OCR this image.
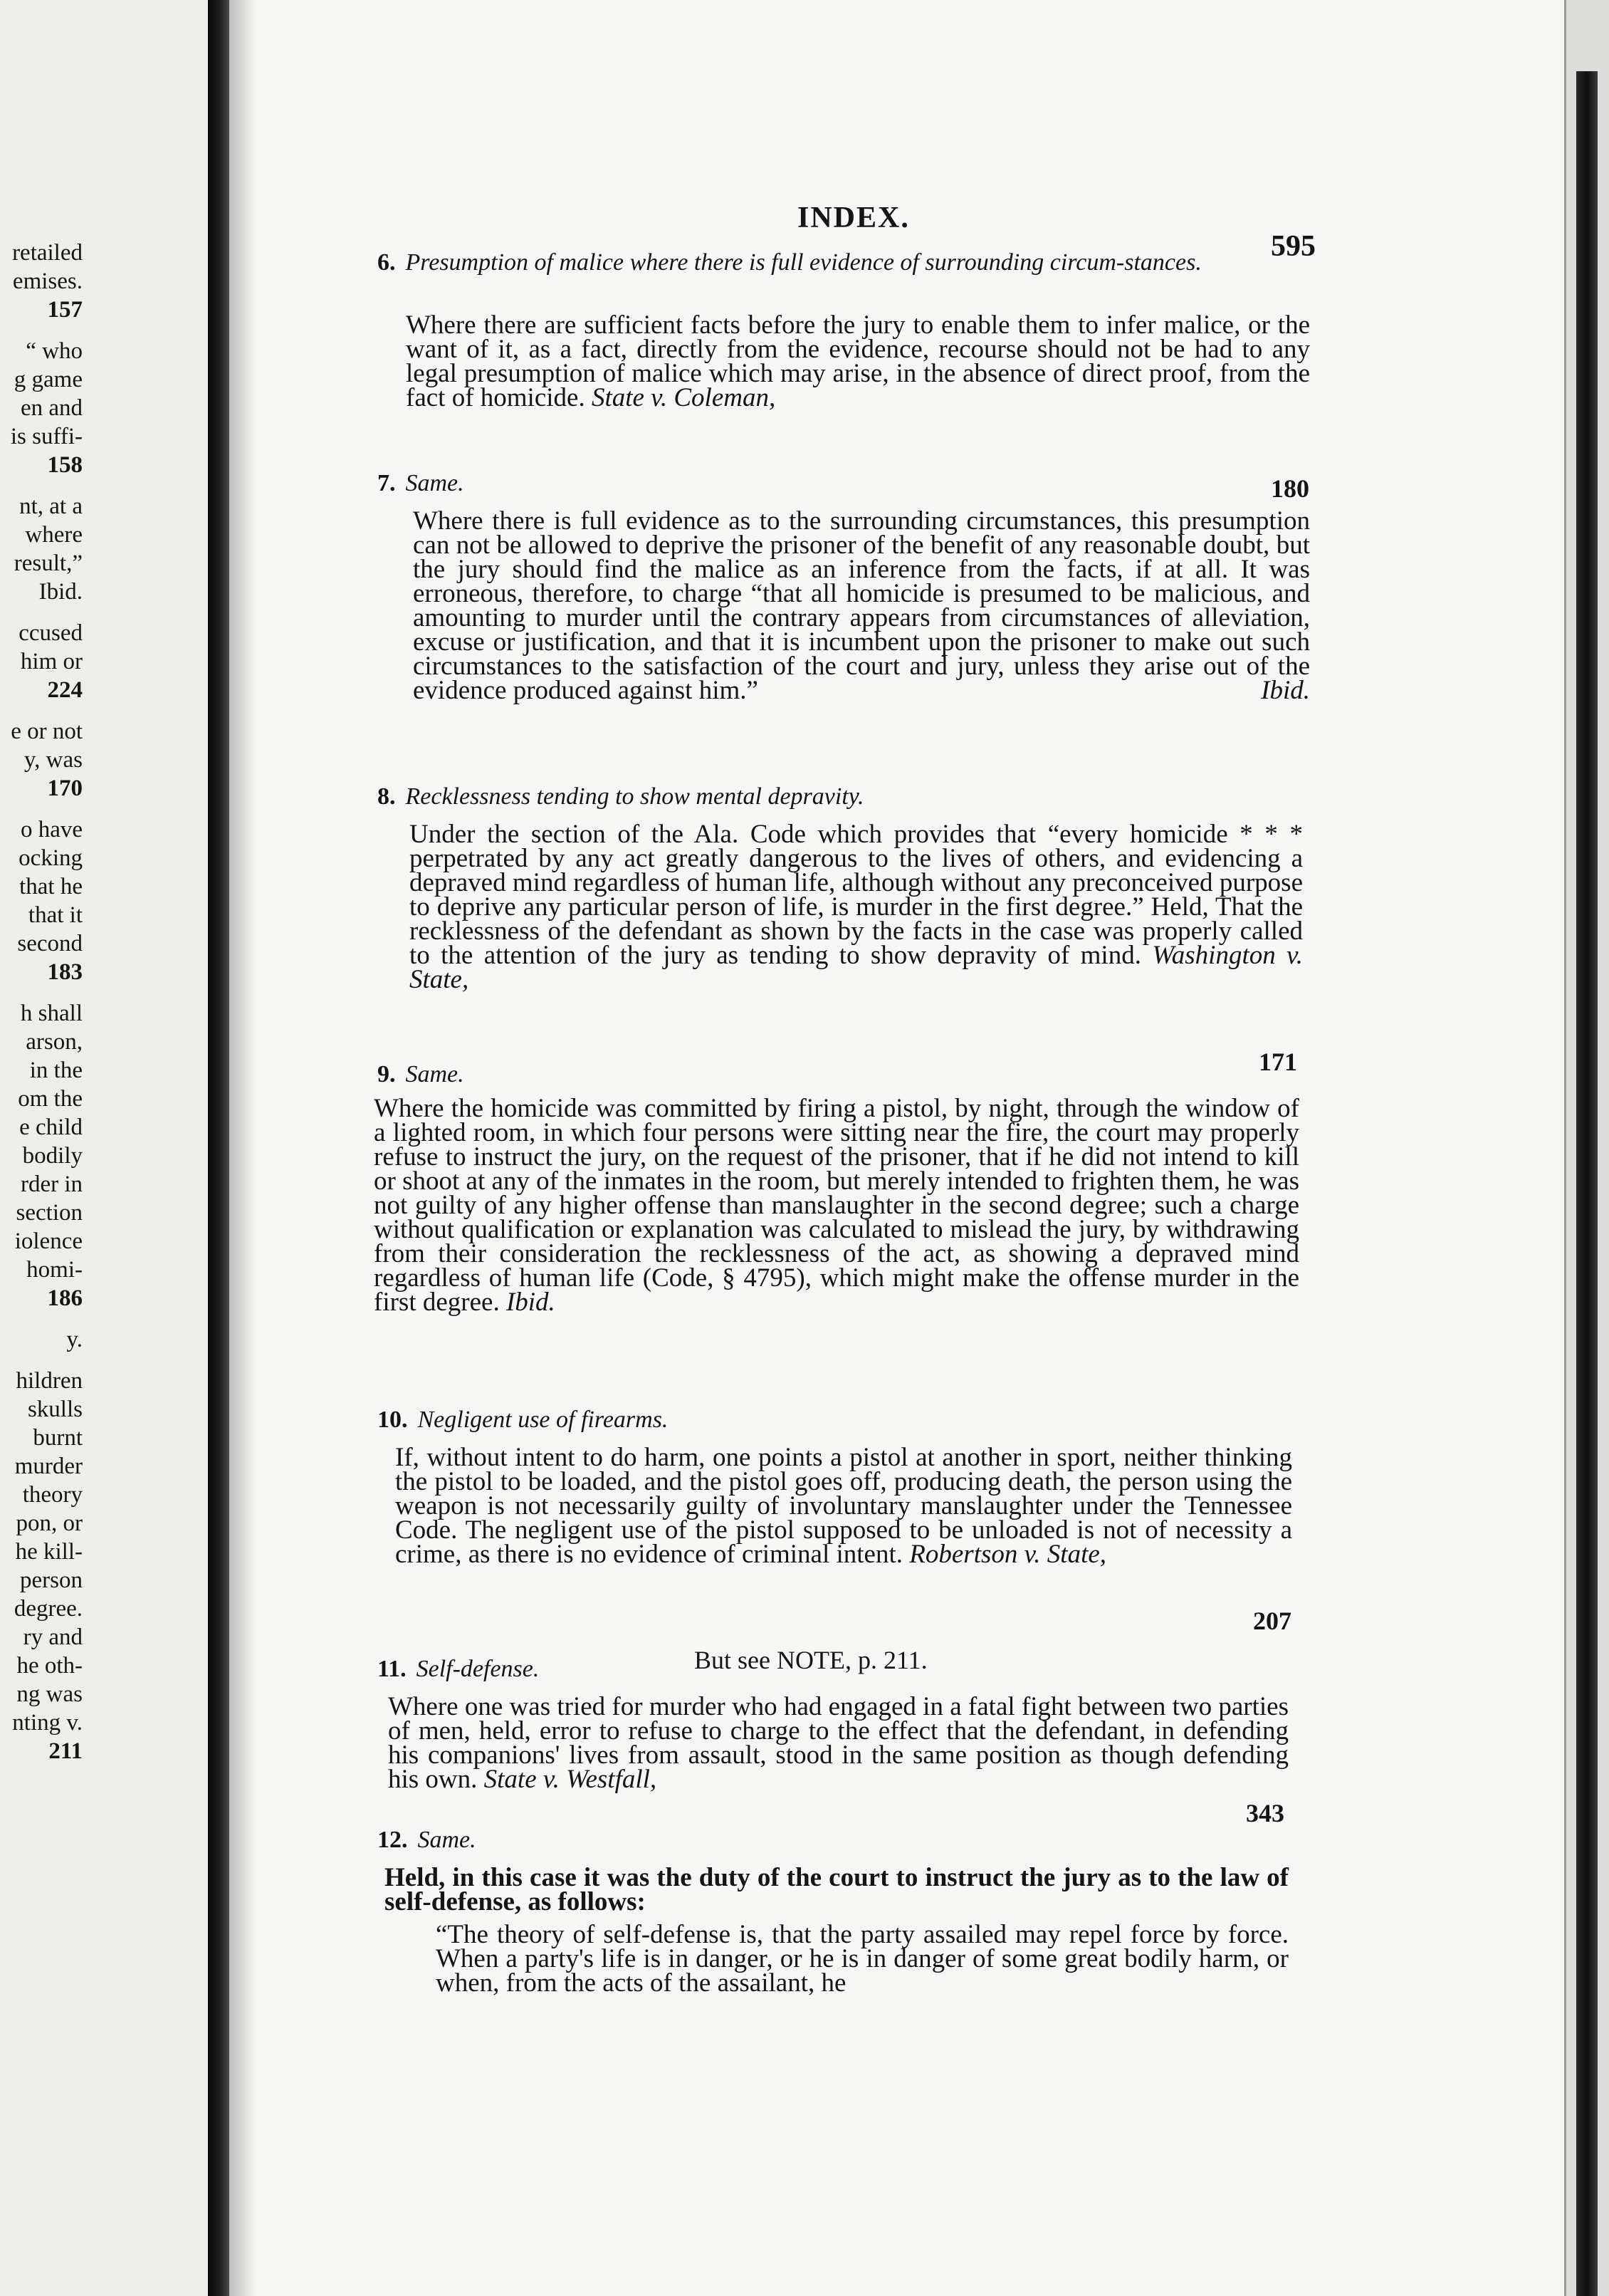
retailed
emises.
157
“ who
g game
en and
is suffi-
158
nt, at a
where
result,”
Ibid.
ccused
him or
224
e or not
y, was
170
o have
ocking
that he
that it
second
183
h shall
arson,
in the
om the
e child
bodily
rder in
section
iolence
homi-
186
y.
hildren
skulls
burnt
murder
theory
pon, or
he kill-
person
degree.
ry and
he oth-
ng was
nting v.
211
INDEX.
595
6. Presumption of malice where there is full evidence of surrounding circum-stances.
Where there are sufficient facts before the jury to enable them to infer malice, or the want of it, as a fact, directly from the evidence, recourse should not be had to any legal presumption of malice which may arise, in the absence of direct proof, from the fact of homicide. State v. Coleman,
180
7. Same.
Where there is full evidence as to the surrounding circumstances, this presumption can not be allowed to deprive the prisoner of the benefit of any reasonable doubt, but the jury should find the malice as an inference from the facts, if at all. It was erroneous, therefore, to charge “that all homicide is presumed to be malicious, and amounting to murder until the contrary appears from circumstances of alleviation, excuse or justification, and that it is incumbent upon the prisoner to make out such circumstances to the satisfaction of the court and jury, unless they arise out of the evidence produced against him.”	Ibid.
8. Recklessness tending to show mental depravity.
Under the section of the Ala. Code which provides that “every homicide * * * perpetrated by any act greatly dangerous to the lives of others, and evidencing a depraved mind regardless of human life, although without any preconceived purpose to deprive any particular person of life, is murder in the first degree.” Held, That the recklessness of the defendant as shown by the facts in the case was properly called to the attention of the jury as tending to show depravity of mind. Washington v. State,
171
9. Same.
Where the homicide was committed by firing a pistol, by night, through the window of a lighted room, in which four persons were sitting near the fire, the court may properly refuse to instruct the jury, on the request of the prisoner, that if he did not intend to kill or shoot at any of the inmates in the room, but merely intended to frighten them, he was not guilty of any higher offense than manslaughter in the second degree; such a charge without qualification or explanation was calculated to mislead the jury, by withdrawing from their consideration the recklessness of the act, as showing a depraved mind regardless of human life (Code, § 4795), which might make the offense murder in the first degree. Ibid.
10. Negligent use of firearms.
If, without intent to do harm, one points a pistol at another in sport, neither thinking the pistol to be loaded, and the pistol goes off, producing death, the person using the weapon is not necessarily guilty of involuntary manslaughter under the Tennessee Code. The negligent use of the pistol supposed to be unloaded is not of necessity a crime, as there is no evidence of criminal intent. Robertson v. State,
207
But see NOTE, p. 211.
11. Self-defense.
Where one was tried for murder who had engaged in a fatal fight between two parties of men, held, error to refuse to charge to the effect that the defendant, in defending his companions' lives from assault, stood in the same position as though defending his own. State v. Westfall,
343
12. Same.
Held, in this case it was the duty of the court to instruct the jury as to the law of self-defense, as follows:
“The theory of self-defense is, that the party assailed may repel force by force. When a party's life is in danger, or he is in danger of some great bodily harm, or when, from the acts of the assailant, he
